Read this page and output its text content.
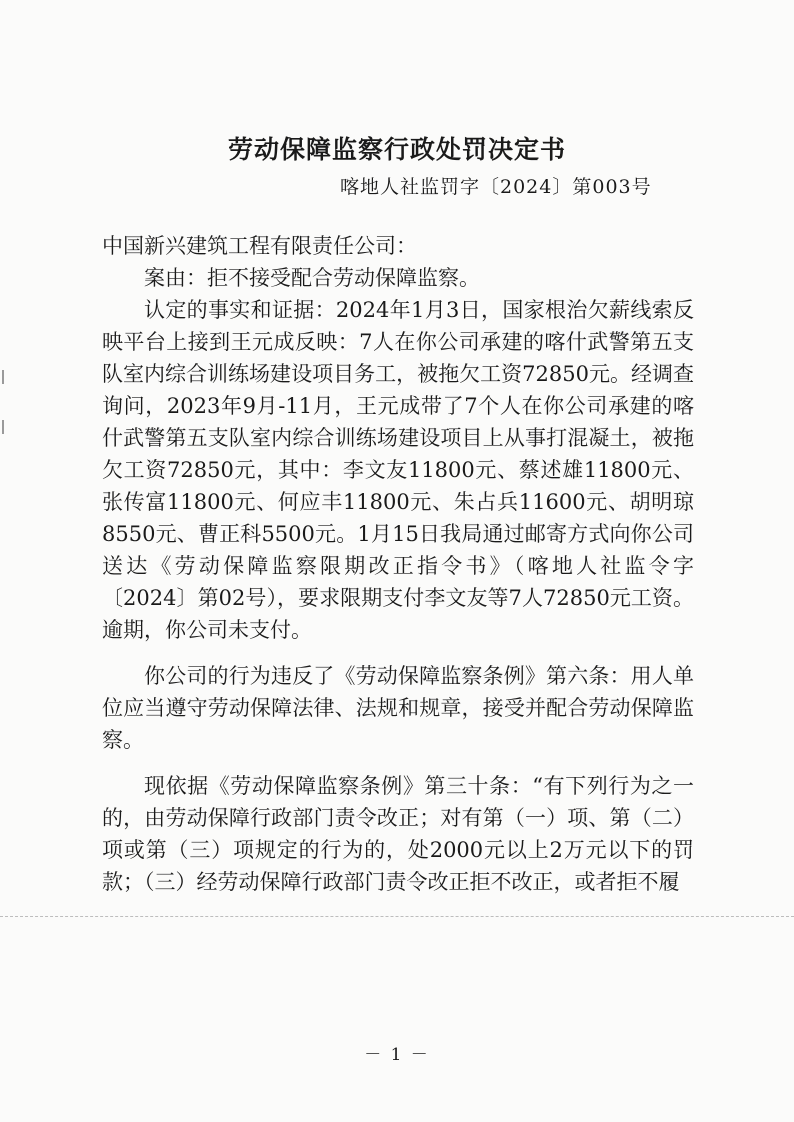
劳动保障监察行政处罚决定书
喀地人社监罚字〔2024〕第003号

中国新兴建筑工程有限责任公司：

案由：拒不接受配合劳动保障监察。

认定的事实和证据：2024年1月3日，国家根治欠薪线索反映平台上接到王元成反映：7人在你公司承建的喀什武警第五支队室内综合训练场建设项目务工，被拖欠工资72850元。经调查询问，2023年9月-11月，王元成带了7个人在你公司承建的喀什武警第五支队室内综合训练场建设项目上从事打混凝土，被拖欠工资72850元，其中：李文友11800元、蔡述雄11800元、张传富11800元、何应丰11800元、朱占兵11600元、胡明琼8550元、曹正科5500元。1月15日我局通过邮寄方式向你公司送达《劳动保障监察限期改正指令书》（喀地人社监令字〔2024〕第02号），要求限期支付李文友等7人72850元工资。逾期，你公司未支付。

你公司的行为违反了《劳动保障监察条例》第六条：用人单位应当遵守劳动保障法律、法规和规章，接受并配合劳动保障监察。

现依据《劳动保障监察条例》第三十条：“有下列行为之一的，由劳动保障行政部门责令改正；对有第（一）项、第（二）项或第（三）项规定的行为的，处2000元以上2万元以下的罚款；（三）经劳动保障行政部门责令改正拒不改正，或者拒不履

－ 1 －
